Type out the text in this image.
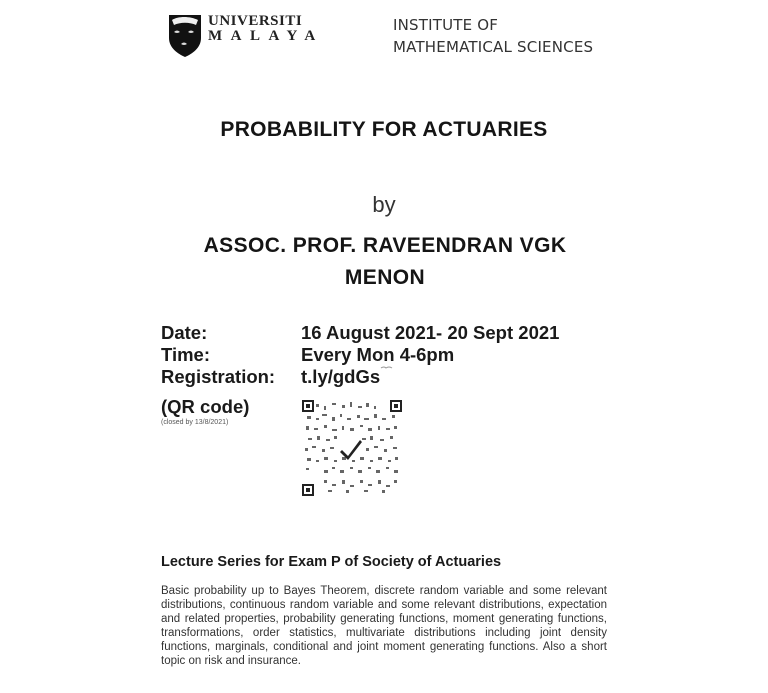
UNIVERSITI
MALAYA
INSTITUTE OF
MATHEMATICAL SCIENCES
PROBABILITY FOR ACTUARIES
by
ASSOC. PROF. RAVEENDRAN VGK
MENON
Date:	16 August 2021- 20 Sept 2021
Time:	Every Mon 4-6pm
Registration:	t.ly/gdGs
(QR code)
(closed by 13/8/2021)
Lecture Series for Exam P of Society of Actuaries
Basic probability up to Bayes Theorem, discrete random variable and some relevant distributions, continuous random variable and some relevant distributions, expectation and related properties, probability generating functions, moment generating functions, transformations, order statistics, multivariate distributions including joint density functions, marginals, conditional and joint moment generating functions. Also a short topic on risk and insurance.
